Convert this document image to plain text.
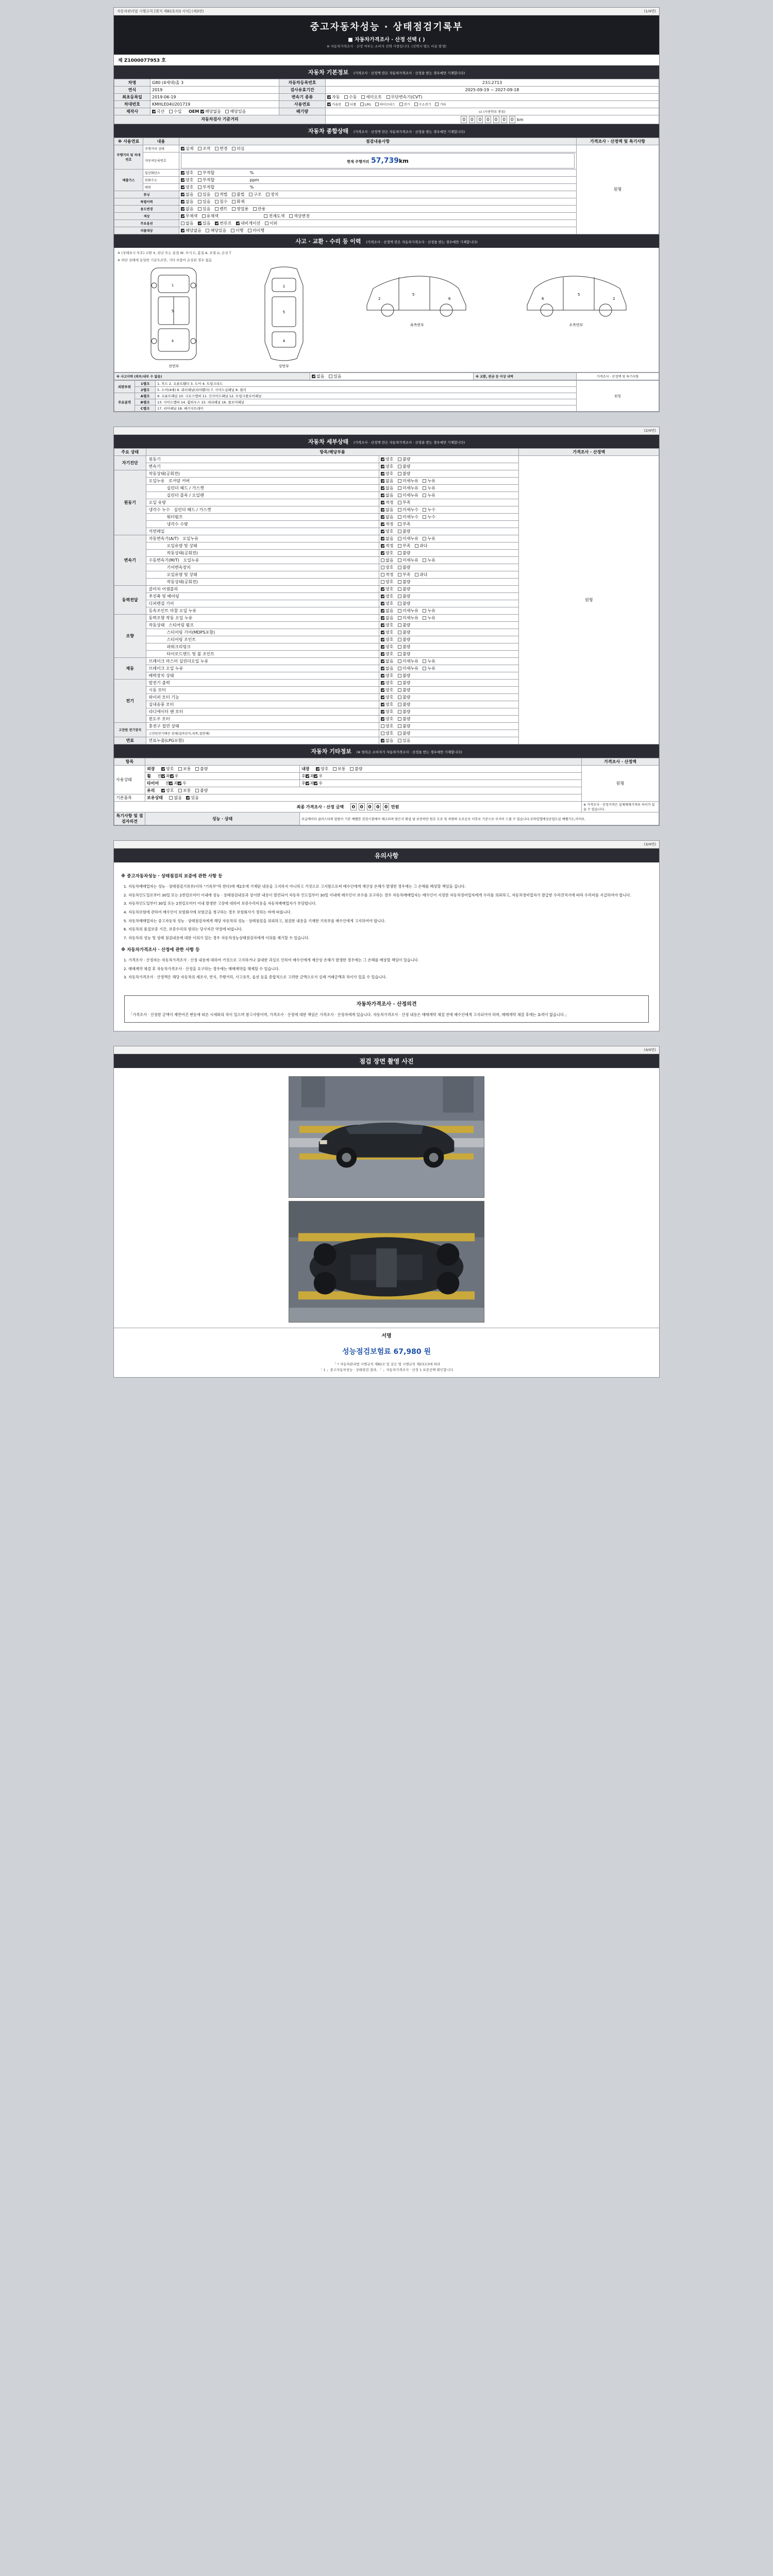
자동차관리법 시행규칙 [별지 제82호의3 서식] (제3면)	(1/4면)
중고자동차성능 · 상태점검기록부
■ 자동차가격조사 · 산정 선택 ( )
※ 자동차가격조사 · 산정 여부는 소비자 선택 사항입니다. (선택시 별도 비용 발생)
제 Z1000077953 호
자동차 기본정보 (가격조사 · 산정액 란은 자동차가격조사 · 산정을 받는 경우에만 기재합니다)
차명	G80 (4세대)올 3	자동차등록번호	23도2713
연식	2019	검사유효기간	2025-09-19 ~ 2027-09-18
최초등록일	2019-06-19	변속기 종류	자동 수동 세미오토 무단변속기(CVT)
차대번호	KMHLE04U201719	사용연료	가솔린 디젤 LPG 하이브리드 전기 수소전기 기타
제작사	국산 수입 OEM 해당없음 해당있음	배기량	cc (사용연료 종류)
자동차검사 기준거리			0 0 0 0 0 0 0 km
자동차 종합상태 (가격조사 · 산정액 란은 자동차가격조사 · 산정을 받는 경우에만 기재합니다)
※ 사용연료	내용	점검내용사항	가격조사 · 산정액 및 특기사항
주행거리 및 차대번호	주행거리 상태	실제 조작 변경 의심	원형

	자동차등록번호	현재 주행거리 57,739km	

배출가스	일산화탄소	양호 부적합 %	
	탄화수소	양호 부적합 ppm	
	매연	양호 부적합 %	
튜닝		없음 있음 적법 불법 구조 장치	
특별이력		없음 있음 침수 화재	
용도변경		없음 있음 렌트 영업용 관용	
색상		무채색 유채색 전체도색 색상변경	
주요옵션		없음 있음 썬루프 내비게이션 이외	
리콜대상		해당없음 해당있음 이행 미이행	
사고 · 교환 · 수리 등 이력 (가격조사 · 산정액 란은 자동차가격조사 · 산정을 받는 경우에만 기재합니다)
※ (상태표시 부호) 교환 X, 판금 또는 용접 W, 부식 C, 흠집 A, 요철 U, 손상 T
※ 하단 상태에 동일한 기준으로만, 기타 부품이 손상된 경우 없음
1
5
4
전면부
1
5
4
상면부
2
5
6
좌측면부
2
5
6
우측면부
※ 사고이력 (외부/내부 수 없음)	없음 있음	※ 교환, 판금 등 이상 내역	가격조사 · 산정액 및 특기사항
외판부위	1랭크	1. 후드 2. 프론트휀더 3. 도어 4. 트렁크리드	원형
	2랭크	5. 도어(4매) 6. 쿼터패널(리어휀더) 7. 사이드실패널 8. 필러	
주요골격	A랭크	9. 프론트패널 10. 크로스멤버 11. 인사이드패널 12. 트렁크플로어패널	
	B랭크	13. 사이드멤버 14. 휠하우스 15. 대쉬패널 16. 플로어패널	
	C랭크	17. 리어패널 18. 패키지트레이	

(2/4면)
자동차 세부상태 (가격조사 · 산정액 란은 자동차가격조사 · 산정을 받는 경우에만 기재합니다)
주요 상태	항목/해당부품		가격조사 · 산정액
자기진단	원동기	양호 불량	원형
	변속기	양호 불량	
원동기	작동상태(공회전)	양호 불량	
	오일누유 로커암 커버	없음 미세누유 누유	
	실린더 헤드 / 가스켓	없음 미세누유 누유	
	실린더 블록 / 오일팬	없음 미세누유 누유	
	오일 유량	적정 부족	
	냉각수 누수 실린더 헤드 / 가스켓	없음 미세누수 누수	
	워터펌프	없음 미세누수 누수	
	냉각수 수량	적정 부족	
	커먼레일	양호 불량	
변속기	자동변속기(A/T) 오일누유	없음 미세누유 누유	
	오일유량 및 상태	적정 부족 과다	
	작동상태(공회전)	양호 불량	
	수동변속기(M/T) 오일누유	없음 미세누유 누유	
	기어변속장치	양호 불량	
	오일유량 및 상태	적정 부족 과다	
	작동상태(공회전)	양호 불량	
동력전달	클러치 어셈블리	양호 불량	
	추진축 및 베어링	양호 불량	
	디퍼렌셜 기어	양호 불량	
	등속조인트 마찰 오일 누유	없음 미세누유 누유	
조향	동력조향 작동 오일 누유	없음 미세누유 누유	
	작동상태 스티어링 펌프	양호 불량	
	스티어링 기어(MDPS포함)	양호 불량	
	스티어링 조인트	양호 불량	
	파워크리링크	양호 불량	
	타이로드엔드 및 볼 조인트	양호 불량	
제동	브레이크 마스터 실린더오일 누유	없음 미세누유 누유	
	브레이크 오일 누유	없음 미세누유 누유	
	배력장치 상태	양호 불량	
전기	발전기 출력	양호 불량	
	시동 모터	양호 불량	
	와이퍼 모터 기능	양호 불량	
	실내송풍 모터	양호 불량	
	라디에이터 팬 모터	양호 불량	
	윈도우 모터	양호 불량	
고전원 전기장치	충전구 절연 상태	양호 불량	
	고전원전기배선 상태(접속단자,피복,절연체)	양호 불량	
연료	연료누출(LPG포함)	없음 있음	
자동차 기타정보 (※ 항목은 소비자가 자동차가격조사 · 산정을 받는 경우에만 기재합니다)
항목			가격조사 · 산정액
사용상태	외장 양호 보통 불량	내장 양호 보통 불량	원형
	휠 전 좌 우	후 좌 우	
	타이어 전 좌 우	후 좌 우	
	유리 양호 보통 불량		
기본품목	보유상태 없음 있음		
최종 가격조사 · 산정 금액 0 0 0 0 0 만원			※ 가격조사 · 산정가격은 실제매매가격과 차이가 있을 수 있습니다.
특기사항 및 점검자의견	성능 · 상태	보급에미터 클러스터의 말씀이 기본 예뻘한 검검시점에서 체크되며 맞은지 확실 낯 보증하단 원호 도로 및 차량의 도로운로 이후로 기준으로 부서이 드릴 수 있습니다.모바일앱에성공업도실 예뻘기도,아미로.	

(3/4면)
유의사항
※ 중고자동차성능 · 상태점검의 보증에 관한 사항 등
1. 자동차매매업자는 성능 · 상태점검기록부(이하 "기록부"라 한다)에 제2호에 기재된 내용을 고지하지 아니하고 거짓으로 고지함으로써 매수인에게 재산상 손해가 발생한 경우에는 그 손해를 배상할 책임을 집니다.
2. 자동차인도일로부터 30일 또는 2천킬로미터 이내에 성능 · 상태점검내용과 상이한 내용이 발견되어 자동차 인도일부터 30일 이내에 매수인이 보수를 요구하는 경우 자동차매매업자는 매수인이 지정한 자동차정비업자에게 수리를 의뢰하고, 자동차정비업자가 발급한 수리견적서에 따라 수리비를 지급하여야 합니다.
3. 자동차인도일부터 30일 또는 2천킬로미터 이내 발생한 고장에 대하여 보증수리비용을 자동차매매업자가 부담합니다.
4. 자동차보험에 관하여 매수인이 보험회사에 보험금을 청구하는 경우 보험회사가 정하는 바에 따릅니다.
5. 자동차매매업자는 중고자동차 성능 · 상태점검자에게 해당 자동차의 성능 · 상태점검을 의뢰하고, 점검한 내용을 기재한 기록부를 매수인에게 고지하여야 합니다.
6. 자동차의 품질보증 기간, 보증수리의 범위는 당사자간 약정에 따릅니다.
7. 자동차의 성능 및 상태 점검내용에 대한 이의가 있는 경우 자동차성능상태점검자에게 이의를 제기할 수 있습니다.
※ 자동차가격조사 · 산정에 관한 사항 등
1. 가격조사 · 산정자는 자동차가격조사 · 산정 내용에 대하여 거짓으로 고지하거나 중대한 과실로 인하여 매수인에게 재산상 손해가 발생한 경우에는 그 손해를 배상할 책임이 있습니다.
2. 매매계약 체결 후 자동차가격조사 · 산정을 요구하는 경우에는 매매계약을 해제할 수 있습니다.
3. 자동차가격조사 · 산정액은 해당 자동차의 제조사, 연식, 주행거리, 사고유무, 옵션 등을 종합적으로 고려한 금액으로서 실제 거래금액과 차이가 있을 수 있습니다.
자동차가격조사 · 산정의견
「가격조사 · 산정한 금액이 제반여건 변동에 따른 시세와의 차이 있으며 참고사항이며, 가격조사 · 산정에 대한 책임은 가격조사 · 산정자에게 있습니다. 자동차가격조사 · 산정 내용은 매매계약 체결 전에 매수인에게 고지되어야 하며, 매매계약 체결 후에는 효력이 없습니다.」

(4/4면)
점검 장면 촬영 사진
서명
성능점검보험료 67,980 원
「 * 자동차관리법 시행규칙 제82조 및 같은 법 시행규칙 제23조3에 따라
「 1 」중고자동차성능 · 상태점검 결과, 「 」자동차가격조사 · 산정 1 보증공백 확인합니다.
